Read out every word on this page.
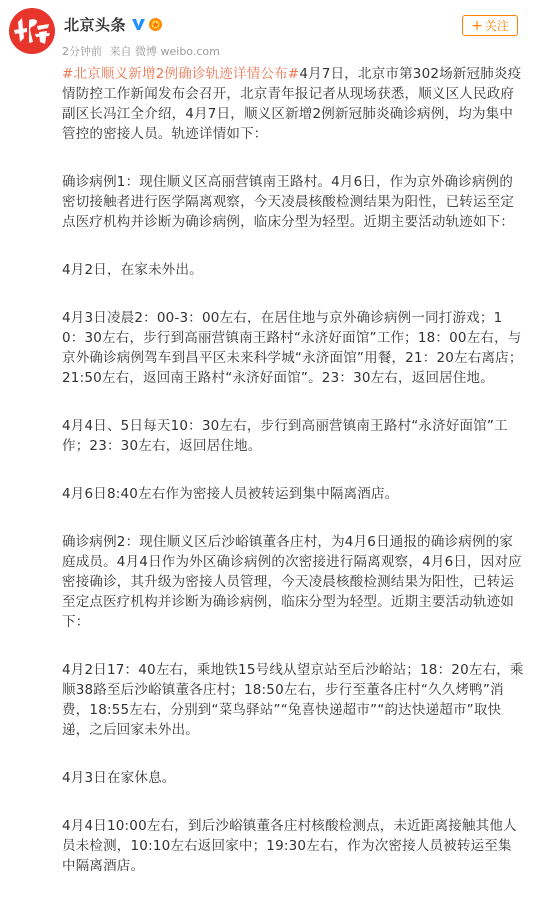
北京头条
2分钟前 来自 微博 weibo.com
+ 关注

#北京顺义新增2例确诊轨迹详情公布#4月7日，北京市第302场新冠肺炎疫情防控工作新闻发布会召开，北京青年报记者从现场获悉，顺义区人民政府副区长冯江全介绍，4月7日，顺义区新增2例新冠肺炎确诊病例，均为集中管控的密接人员。轨迹详情如下：

确诊病例1：现住顺义区高丽营镇南王路村。4月6日，作为京外确诊病例的密切接触者进行医学隔离观察，今天凌晨核酸检测结果为阳性，已转运至定点医疗机构并诊断为确诊病例，临床分型为轻型。近期主要活动轨迹如下：

4月2日，在家未外出。

4月3日凌晨2：00-3：00左右，在居住地与京外确诊病例一同打游戏；10：30左右，步行到高丽营镇南王路村“永济好面馆”工作；18：00左右，与京外确诊病例驾车到昌平区未来科学城“永济面馆”用餐，21：20左右离店；21:50左右，返回南王路村“永济好面馆”。23：30左右，返回居住地。

4月4日、5日每天10：30左右，步行到高丽营镇南王路村“永济好面馆”工作；23：30左右，返回居住地。

4月6日8:40左右作为密接人员被转运到集中隔离酒店。

确诊病例2：现住顺义区后沙峪镇董各庄村，为4月6日通报的确诊病例的家庭成员。4月4日作为外区确诊病例的次密接进行隔离观察，4月6日，因对应密接确诊，其升级为密接人员管理，今天凌晨核酸检测结果为阳性，已转运至定点医疗机构并诊断为确诊病例，临床分型为轻型。近期主要活动轨迹如下：

4月2日17：40左右，乘地铁15号线从望京站至后沙峪站；18：20左右，乘顺38路至后沙峪镇董各庄村；18:50左右，步行至董各庄村“久久烤鸭”消费，18:55左右，分别到“菜鸟驿站”“兔喜快递超市”“韵达快递超市”取快递，之后回家未外出。

4月3日在家休息。

4月4日10:00左右，到后沙峪镇董各庄村核酸检测点，未近距离接触其他人员未检测，10:10左右返回家中；19:30左右，作为次密接人员被转运至集中隔离酒店。
